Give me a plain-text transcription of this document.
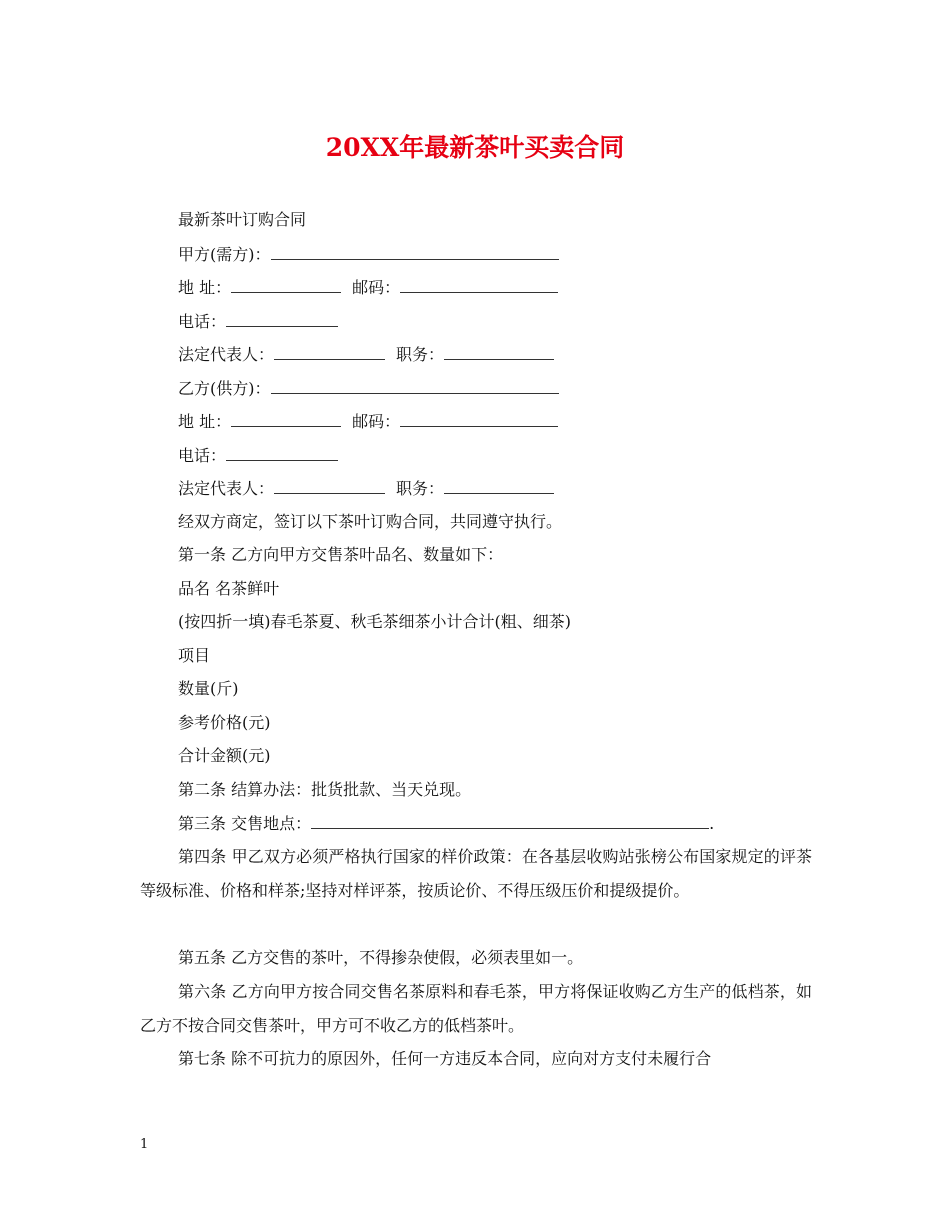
20XX年最新茶叶买卖合同
最新茶叶订购合同
甲方(需方)：
地 址：	邮码：
电话：
法定代表人：	职务：
乙方(供方)：
地 址：	邮码：
电话：
法定代表人：	职务：
经双方商定，签订以下茶叶订购合同，共同遵守执行。
第一条 乙方向甲方交售茶叶品名、数量如下：
品名 名茶鲜叶
(按四折一填)春毛茶夏、秋毛茶细茶小计合计(粗、细茶)
项目
数量(斤)
参考价格(元)
合计金额(元)
第二条 结算办法：批货批款、当天兑现。
第三条 交售地点：	.
第四条 甲乙双方必须严格执行国家的样价政策：在各基层收购站张榜公布国家规定的评茶等级标准、价格和样茶;坚持对样评茶，按质论价、不得压级压价和提级提价。
第五条 乙方交售的茶叶，不得掺杂使假，必须表里如一。
第六条 乙方向甲方按合同交售名茶原料和春毛茶，甲方将保证收购乙方生产的低档茶，如乙方不按合同交售茶叶，甲方可不收乙方的低档茶叶。
第七条 除不可抗力的原因外，任何一方违反本合同，应向对方支付未履行合
1
